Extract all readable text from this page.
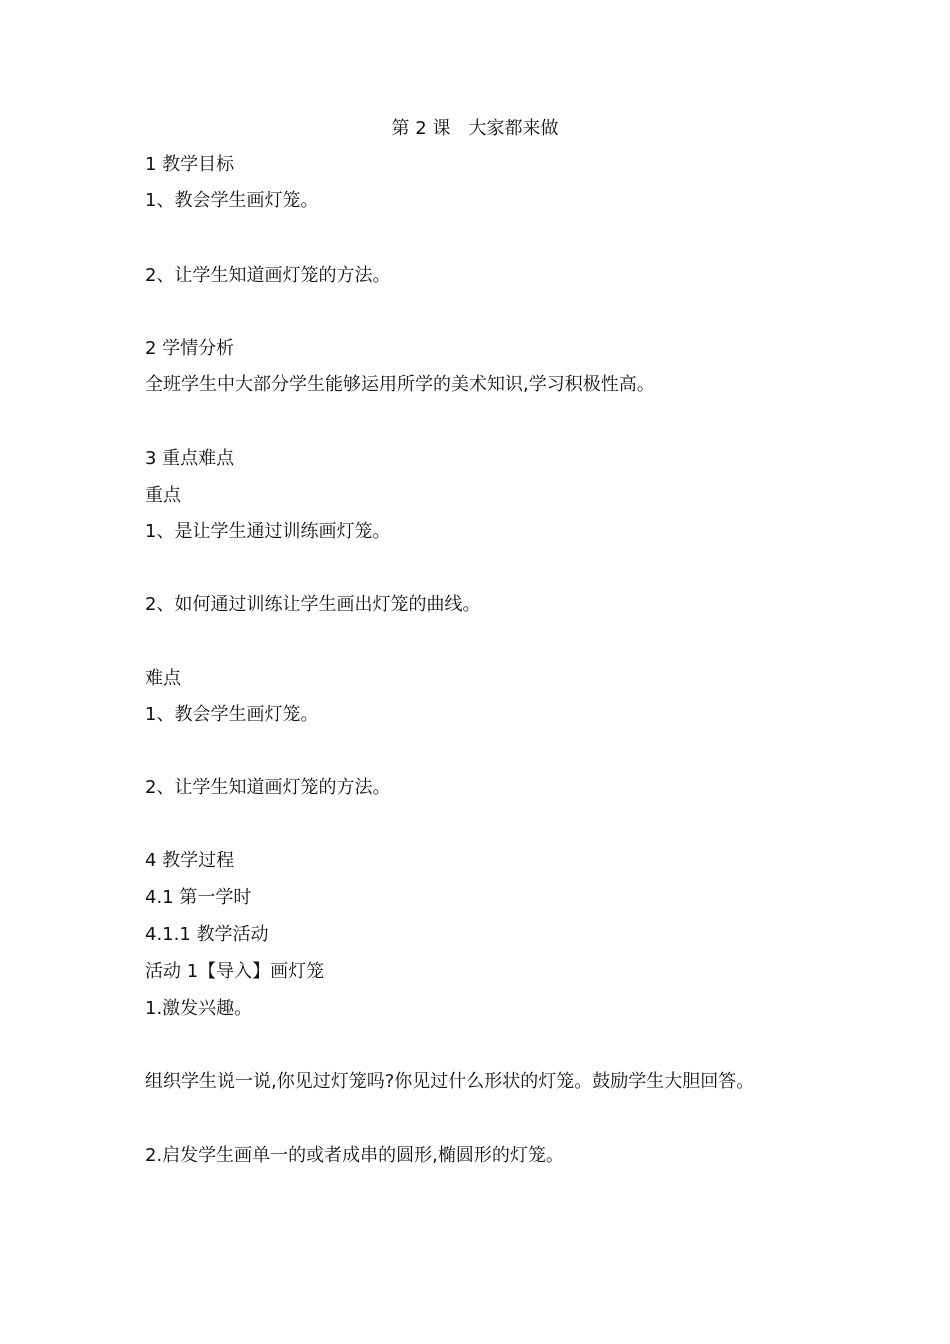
第 2 课　大家都来做
1 教学目标
1、教会学生画灯笼。
2、让学生知道画灯笼的方法。
2 学情分析
全班学生中大部分学生能够运用所学的美术知识,学习积极性高。
3 重点难点
重点
1、是让学生通过训练画灯笼。
2、如何通过训练让学生画出灯笼的曲线。
难点
1、教会学生画灯笼。
2、让学生知道画灯笼的方法。
4 教学过程
4.1 第一学时
4.1.1 教学活动
活动 1【导入】画灯笼
1.激发兴趣。
组织学生说一说,你见过灯笼吗?你见过什么形状的灯笼。鼓励学生大胆回答。
2.启发学生画单一的或者成串的圆形,椭圆形的灯笼。
